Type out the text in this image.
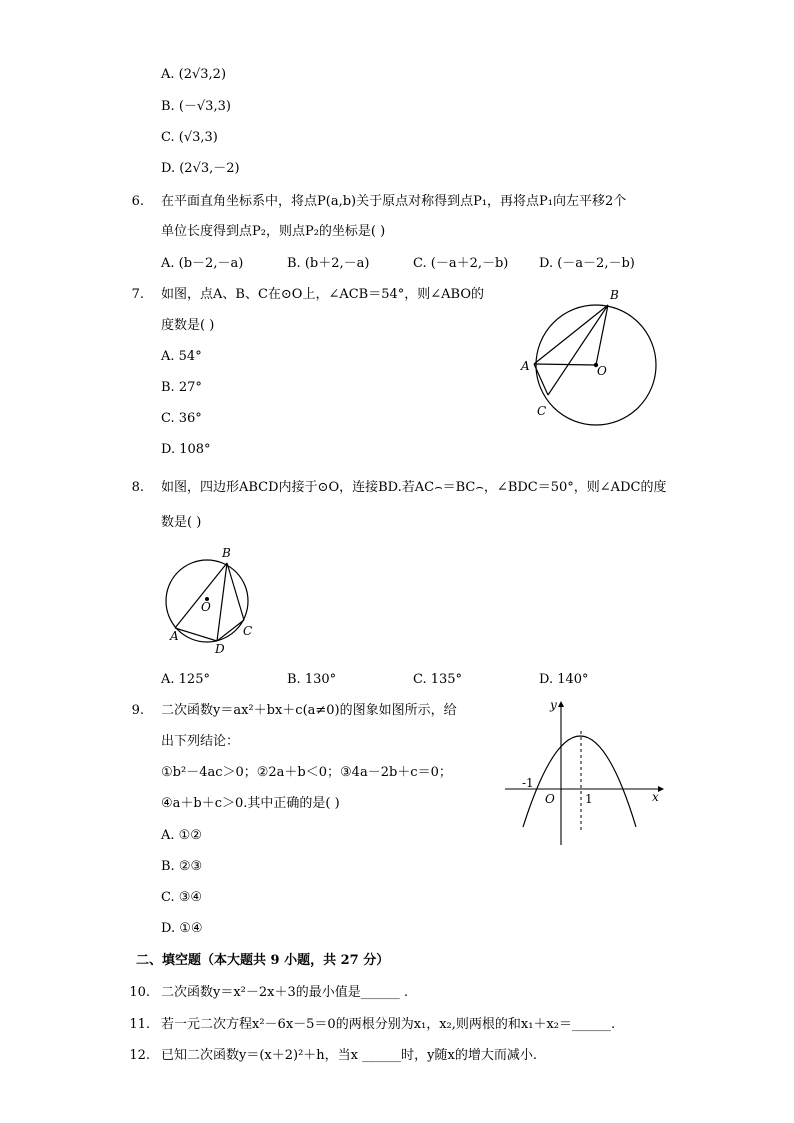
A. (2√3,2)
B. (－√3,3)
C. (√3,3)
D. (2√3,－2)
6. 在平面直角坐标系中，将点P(a,b)关于原点对称得到点P₁，再将点P₁向左平移2个
单位长度得到点P₂，则点P₂的坐标是( )
A. (b－2,－a)	B. (b＋2,－a)	C. (－a＋2,－b) D. (－a－2,－b)
7. 如图，点A、B、C在⊙O上，∠ACB＝54°，则∠ABO的
度数是( )
A. 54°
B. 27°
C. 36°
D. 108°
B
A	O
C
8. 如图，四边形ABCD内接于⊙O，连接BD.若AC⌢＝BC⌢，∠BDC＝50°，则∠ADC的度
数是( )
B
O
A
D
C
A. 125°	B. 130°	C. 135°	D. 140°
9. 二次函数y＝ax²＋bx＋c(a≠0)的图象如图所示，给
出下列结论：
①b²－4ac＞0；②2a＋b＜0；③4a－2b＋c＝0；
④a＋b＋c＞0.其中正确的是( )
A. ①②
B. ②③
C. ③④
D. ①④
y
x
O
-1
1
二、填空题（本大题共 9 小题，共 27 分）
10. 二次函数y＝x²－2x＋3的最小值是______ .
11. 若一元二次方程x²－6x－5＝0的两根分别为x₁，x₂,则两根的和x₁＋x₂＝______.
12. 已知二次函数y＝(x＋2)²＋h，当x ______时，y随x的增大而减小.
